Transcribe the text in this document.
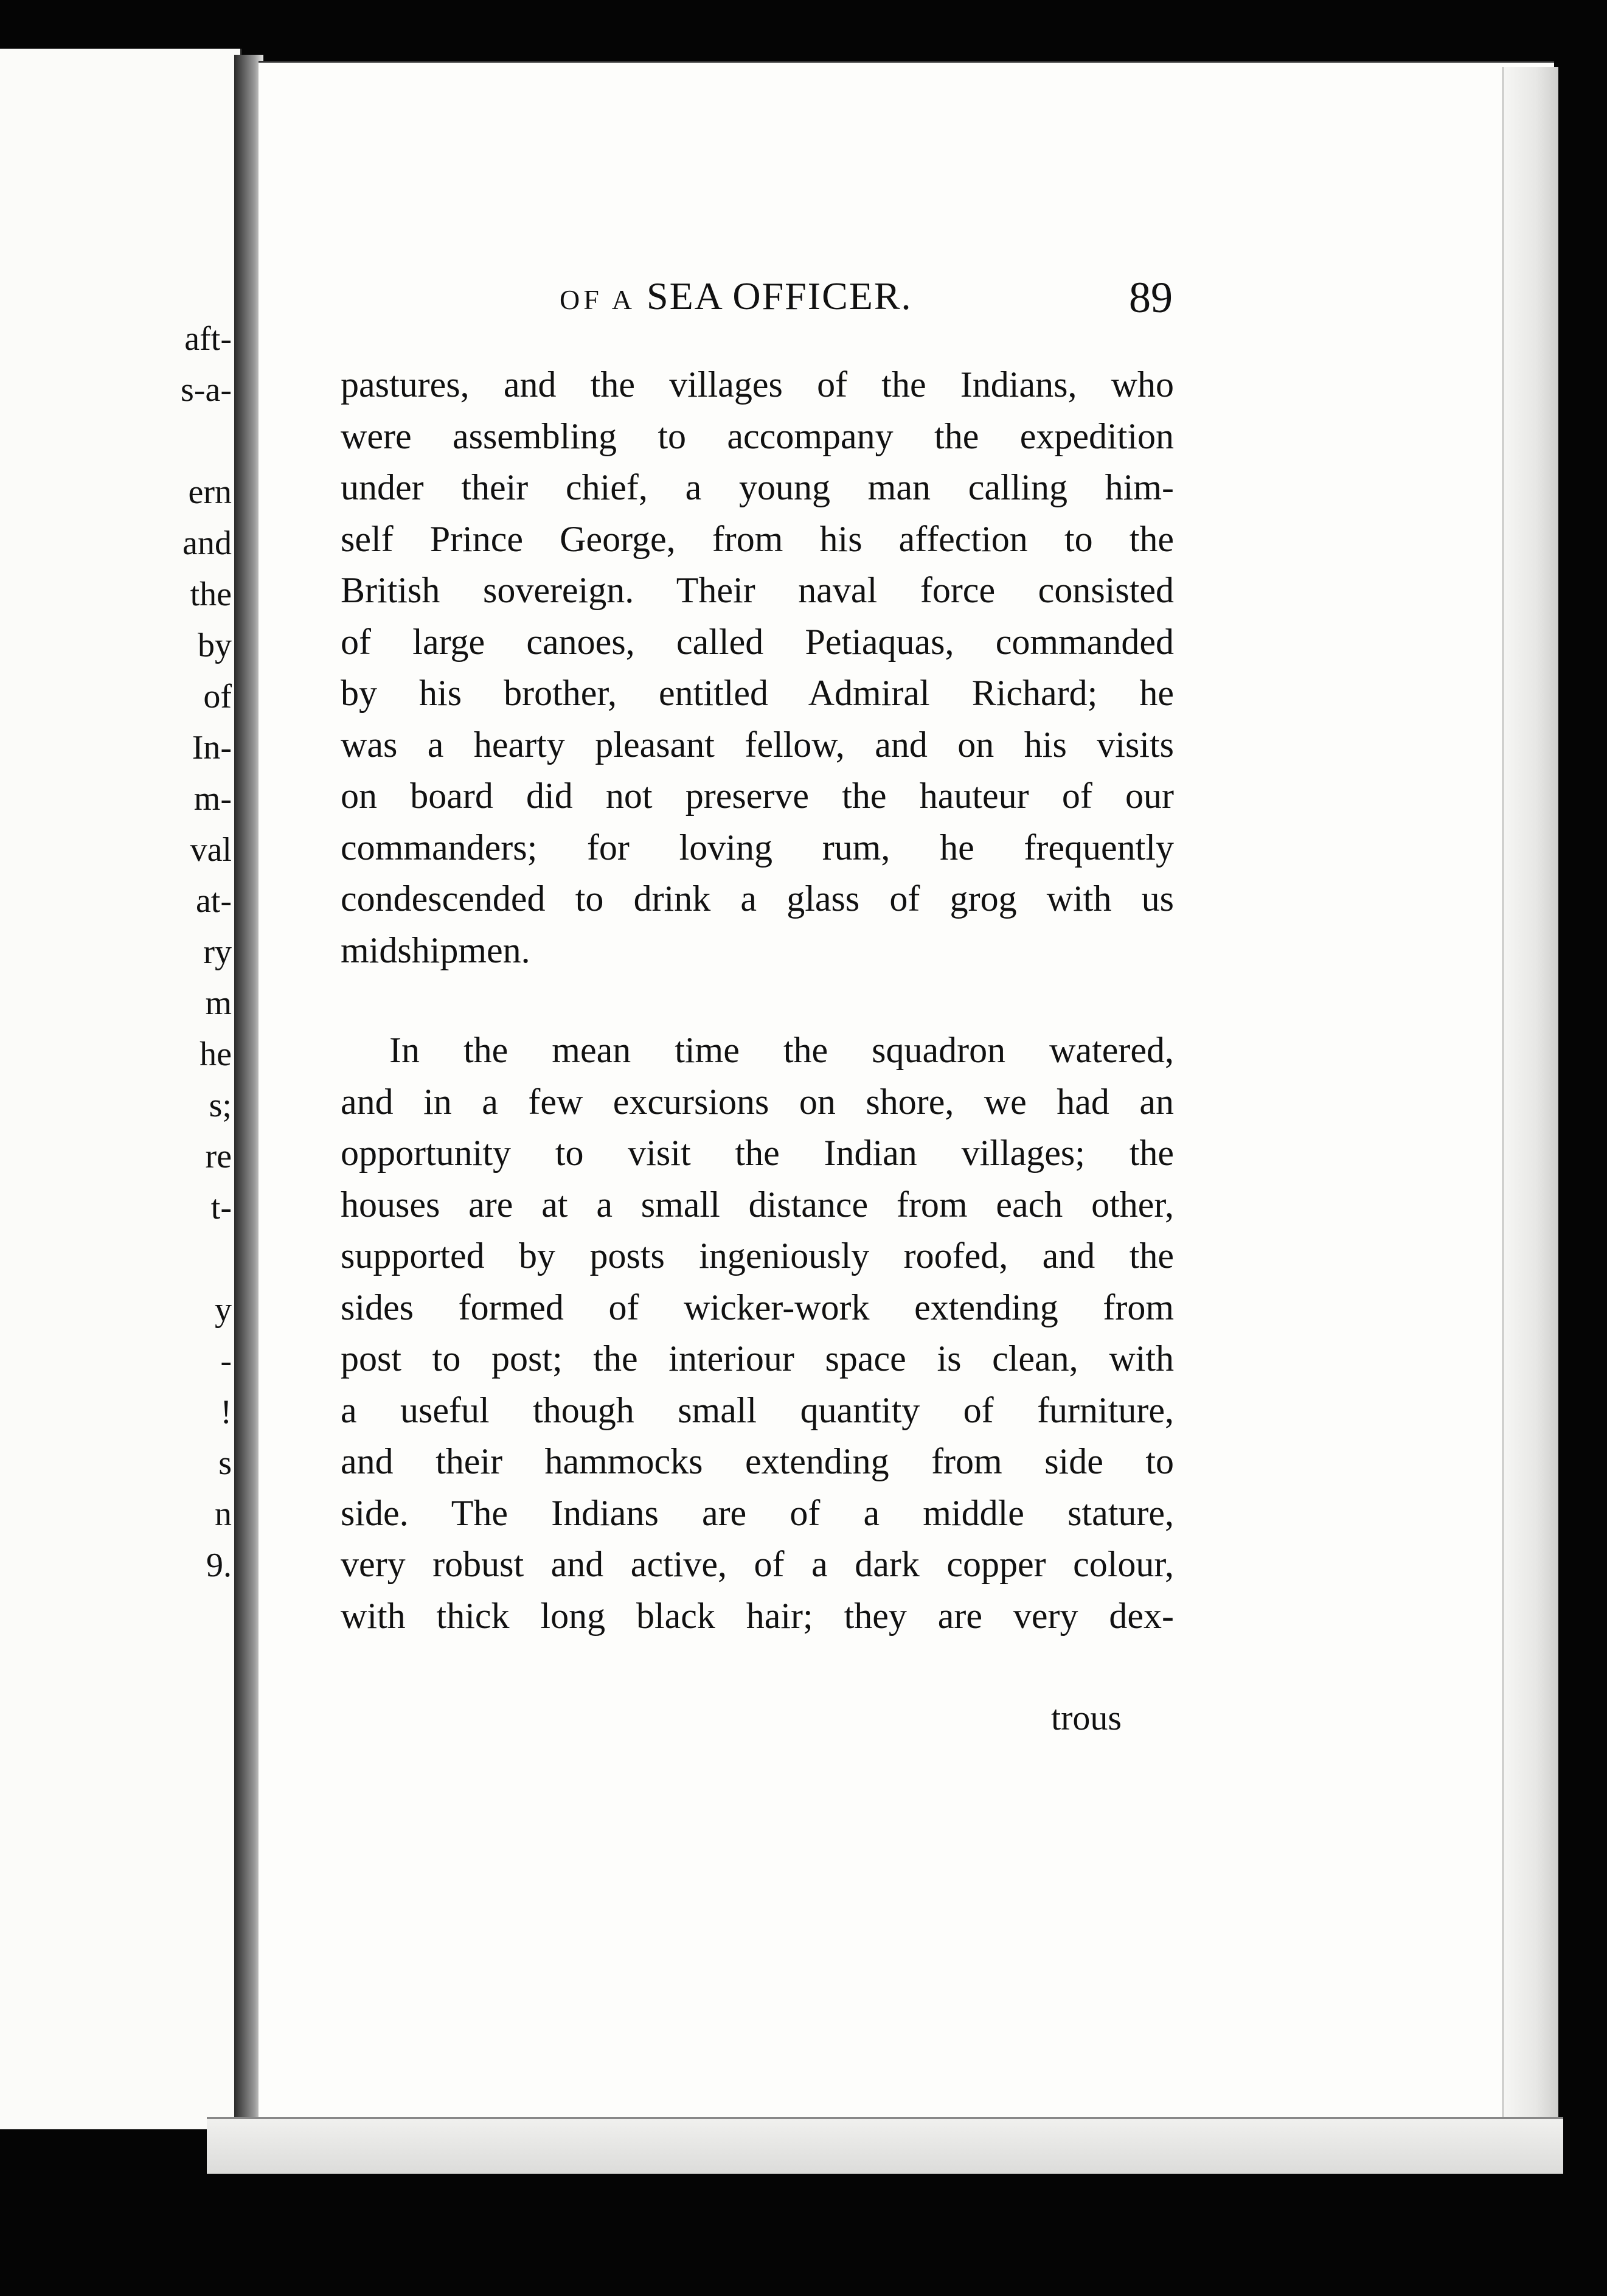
aft-
s-a-
ern
and
the
by
of
In-
m-
val
at-
ry
m
he
s;
re
t-
y
-
!
s
n
9.
OF A SEA OFFICER.	89
pastures, and the villages of the Indians, who
were assembling to accompany the expedition
under their chief, a young man calling him-
self Prince George, from his affection to the
British sovereign. Their naval force consisted
of large canoes, called Petiaquas, commanded
by his brother, entitled Admiral Richard; he
was a hearty pleasant fellow, and on his visits
on board did not preserve the hauteur of our
commanders; for loving rum, he frequently
condescended to drink a glass of grog with us
midshipmen.
In the mean time the squadron watered,
and in a few excursions on shore, we had an
opportunity to visit the Indian villages; the
houses are at a small distance from each other,
supported by posts ingeniously roofed, and the
sides formed of wicker-work extending from
post to post; the interiour space is clean, with
a useful though small quantity of furniture,
and their hammocks extending from side to
side. The Indians are of a middle stature,
very robust and active, of a dark copper colour,
with thick long black hair; they are very dex-
trous
